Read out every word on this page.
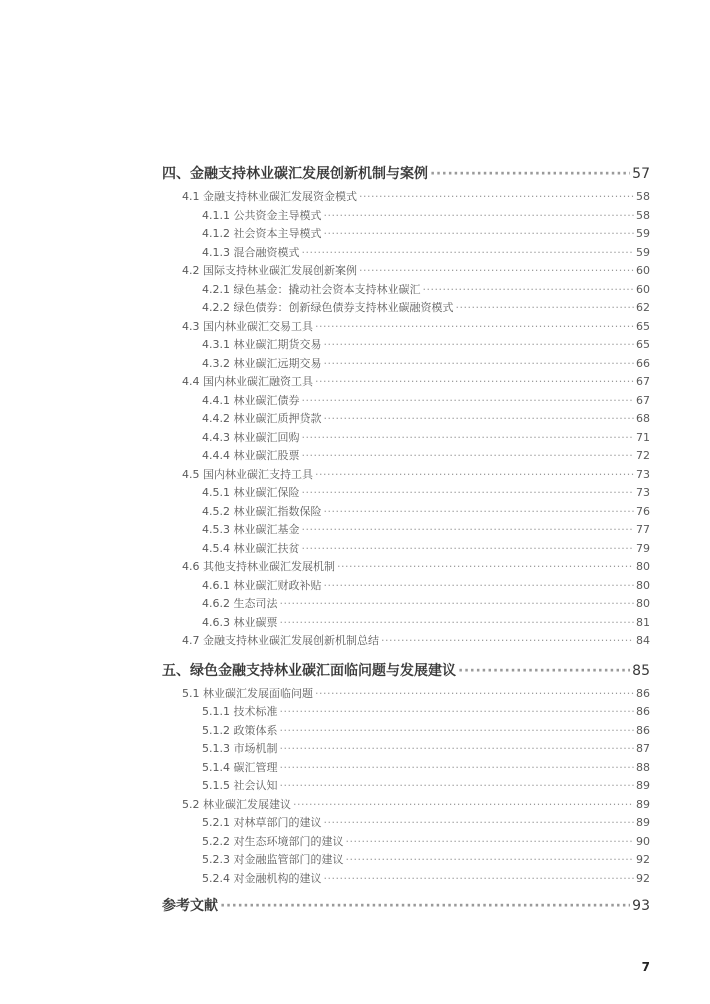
四、金融支持林业碳汇发展创新机制与案例 ·····	57
4.1 金融支持林业碳汇发展资金模式 ·····	58
4.1.1 公共资金主导模式 ·····	58
4.1.2 社会资本主导模式 ·····	59
4.1.3 混合融资模式 ·····	59
4.2 国际支持林业碳汇发展创新案例 ·····	60
4.2.1 绿色基金：撬动社会资本支持林业碳汇 ·····	60
4.2.2 绿色债券：创新绿色债券支持林业碳融资模式 ·····	62
4.3 国内林业碳汇交易工具 ·····	65
4.3.1 林业碳汇期货交易 ·····	65
4.3.2 林业碳汇远期交易 ·····	66
4.4 国内林业碳汇融资工具 ·····	67
4.4.1 林业碳汇债券 ·····	67
4.4.2 林业碳汇质押贷款 ·····	68
4.4.3 林业碳汇回购 ·····	71
4.4.4 林业碳汇股票 ·····	72
4.5 国内林业碳汇支持工具 ·····	73
4.5.1 林业碳汇保险 ·····	73
4.5.2 林业碳汇指数保险 ·····	76
4.5.3 林业碳汇基金 ·····	77
4.5.4 林业碳汇扶贫 ·····	79
4.6 其他支持林业碳汇发展机制 ·····	80
4.6.1 林业碳汇财政补贴 ·····	80
4.6.2 生态司法 ·····	80
4.6.3 林业碳票 ·····	81
4.7 金融支持林业碳汇发展创新机制总结 ·····	84
五、绿色金融支持林业碳汇面临问题与发展建议 ·····	85
5.1 林业碳汇发展面临问题 ·····	86
5.1.1 技术标准 ·····	86
5.1.2 政策体系 ·····	86
5.1.3 市场机制 ·····	87
5.1.4 碳汇管理 ·····	88
5.1.5 社会认知 ·····	89
5.2 林业碳汇发展建议 ·····	89
5.2.1 对林草部门的建议 ·····	89
5.2.2 对生态环境部门的建议 ·····	90
5.2.3 对金融监管部门的建议 ·····	92
5.2.4 对金融机构的建议 ·····	92
参考文献 ·····	93
7
